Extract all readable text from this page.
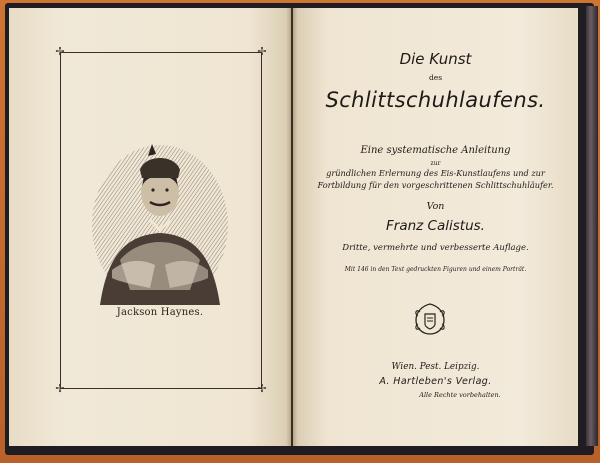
✢	✢
✢	✢
Jackson Haynes.
Die Kunst
des
Schlittschuhlaufens.
Eine systematische Anleitung
zur
gründlichen Erlernung des Eis-Kunstlaufens und zur
Fortbildung für den vorgeschrittenen Schlittschuhläufer.
Von
Franz Calistus.
Dritte, vermehrte und verbesserte Auflage.
Mit 146 in den Text gedruckten Figuren und einem Porträt.
Wien. Pest. Leipzig.
A. Hartleben's Verlag.
Alle Rechte vorbehalten.
